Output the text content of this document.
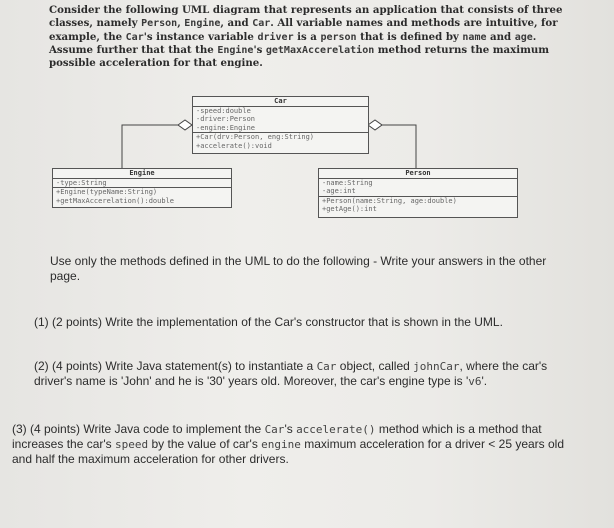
Consider the following UML diagram that represents an application that consists of three classes, namely Person, Engine, and Car. All variable names and methods are intuitive, for example, the Car's instance variable driver is a person that is defined by name and age. Assume further that that the Engine's getMaxAccerelation method returns the maximum possible acceleration for that engine.

Car
-speed:double
-driver:Person
-engine:Engine
+Car(drv:Person, eng:String)
+accelerate():void
Engine
-type:String
+Engine(typeName:String)
+getMaxAccerelation():double
Person
-name:String
-age:int
+Person(name:String, age:double)
+getAge():int
Use only the methods defined in the UML to do the following - Write your answers in the other page.
(1) (2 points) Write the implementation of the Car's constructor that is shown in the UML.
(2) (4 points) Write Java statement(s) to instantiate a Car object, called johnCar, where the car's driver's name is 'John' and he is '30' years old. Moreover, the car's engine type is 'v6'.
(3) (4 points) Write Java code to implement the Car's accelerate() method which is a method that increases the car's speed by the value of car's engine maximum acceleration for a driver < 25 years old and half the maximum acceleration for other drivers.
